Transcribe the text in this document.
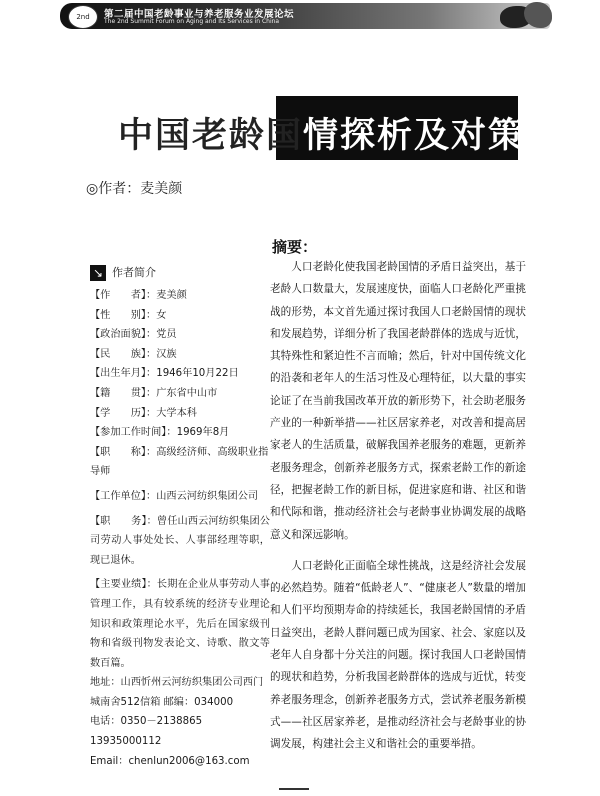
2nd	第二届中国老龄事业与养老服务业发展论坛
The 2nd Summit Forum on Aging and Its Services in China
中国老龄国 情探析及对策
◎作者：麦美颜
↘ 作者简介
【作　　者】：麦美颜
【性　　别】：女
【政治面貌】：党员
【民　　族】：汉族
【出生年月】：1946年10月22日
【籍　　贯】：广东省中山市
【学　　历】：大学本科
【参加工作时间】：1969年8月
【职　　称】：高级经济师、高级职业指导师
【工作单位】：山西云河纺织集团公司
【职　　务】：曾任山西云河纺织集团公司劳动人事处处长、人事部经理等职，现已退休。
【主要业绩】：长期在企业从事劳动人事管理工作，具有较系统的经济专业理论知识和政策理论水平，先后在国家级刊物和省级刊物发表论文、诗歌、散文等数百篇。
地址：山西忻州云河纺织集团公司西门城南舍512信箱 邮编：034000
电话：0350－2138865　13935000112
Email：chenlun2006@163.com
摘要：

人口老龄化使我国老龄国情的矛盾日益突出，基于老龄人口数量大，发展速度快，面临人口老龄化严重挑战的形势，本文首先通过探讨我国人口老龄国情的现状和发展趋势，详细分析了我国老龄群体的选成与近忧，其特殊性和紧迫性不言而喻；然后，针对中国传统文化的沿袭和老年人的生活习性及心理特征，以大量的事实论证了在当前我国改革开放的新形势下，社会助老服务产业的一种新举措——社区居家养老，对改善和提高居家老人的生活质量，破解我国养老服务的难题，更新养老服务理念，创新养老服务方式，探索老龄工作的新途径，把握老龄工作的新目标，促进家庭和谐、社区和谐和代际和谐，推动经济社会与老龄事业协调发展的战略意义和深远影响。

人口老龄化正面临全球性挑战，这是经济社会发展的必然趋势。随着“低龄老人”、“健康老人”数量的增加和人们平均预期寿命的持续延长，我国老龄国情的矛盾日益突出，老龄人群问题已成为国家、社会、家庭以及老年人自身都十分关注的问题。探讨我国人口老龄国情的现状和趋势，分析我国老龄群体的选成与近忧，转变养老服务理念，创新养老服务方式，尝试养老服务新模式——社区居家养老，是推动经济社会与老龄事业的协调发展，构建社会主义和谐社会的重要举措。
